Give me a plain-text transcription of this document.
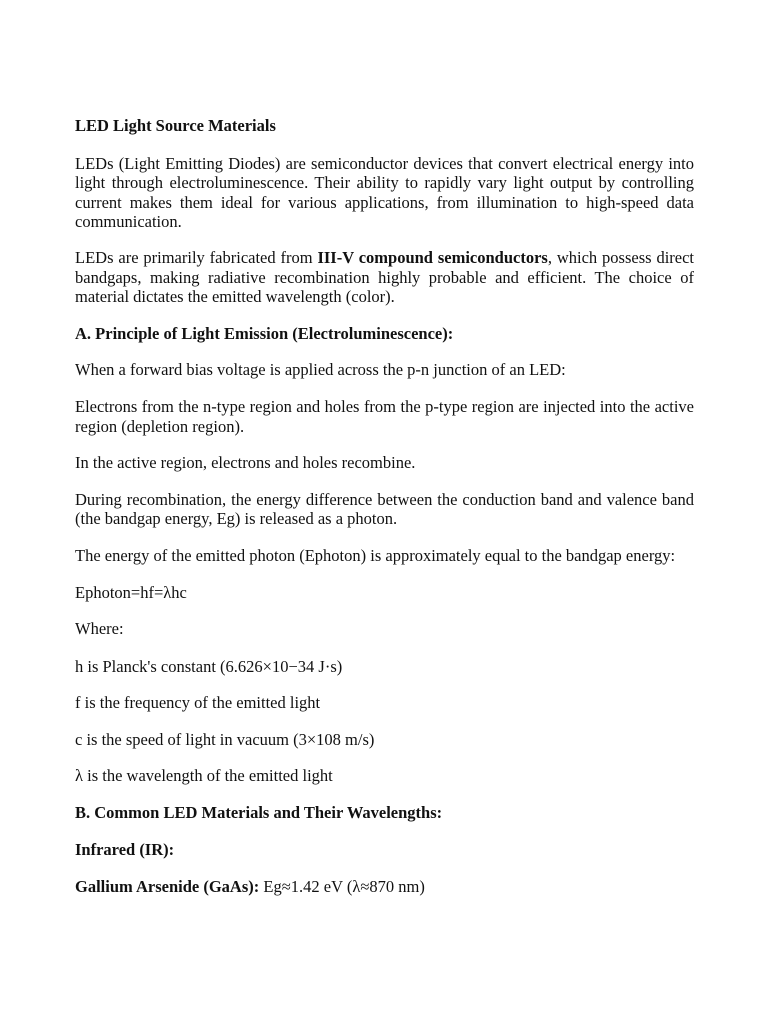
LED Light Source Materials

LEDs (Light Emitting Diodes) are semiconductor devices that convert electrical energy into light through electroluminescence. Their ability to rapidly vary light output by controlling current makes them ideal for various applications, from illumination to high-speed data communication.

LEDs are primarily fabricated from III-V compound semiconductors, which possess direct bandgaps, making radiative recombination highly probable and efficient. The choice of material dictates the emitted wavelength (color).

A. Principle of Light Emission (Electroluminescence):

When a forward bias voltage is applied across the p-n junction of an LED:

Electrons from the n-type region and holes from the p-type region are injected into the active region (depletion region).

In the active region, electrons and holes recombine.

During recombination, the energy difference between the conduction band and valence band (the bandgap energy, Eg) is released as a photon.

The energy of the emitted photon (Ephoton) is approximately equal to the bandgap energy:

Ephoton=hf=λhc

Where:

h is Planck's constant (6.626×10−34 J·s)

f is the frequency of the emitted light

c is the speed of light in vacuum (3×108 m/s)

λ is the wavelength of the emitted light

B. Common LED Materials and Their Wavelengths:

Infrared (IR):

Gallium Arsenide (GaAs): Eg≈1.42 eV (λ≈870 nm)
